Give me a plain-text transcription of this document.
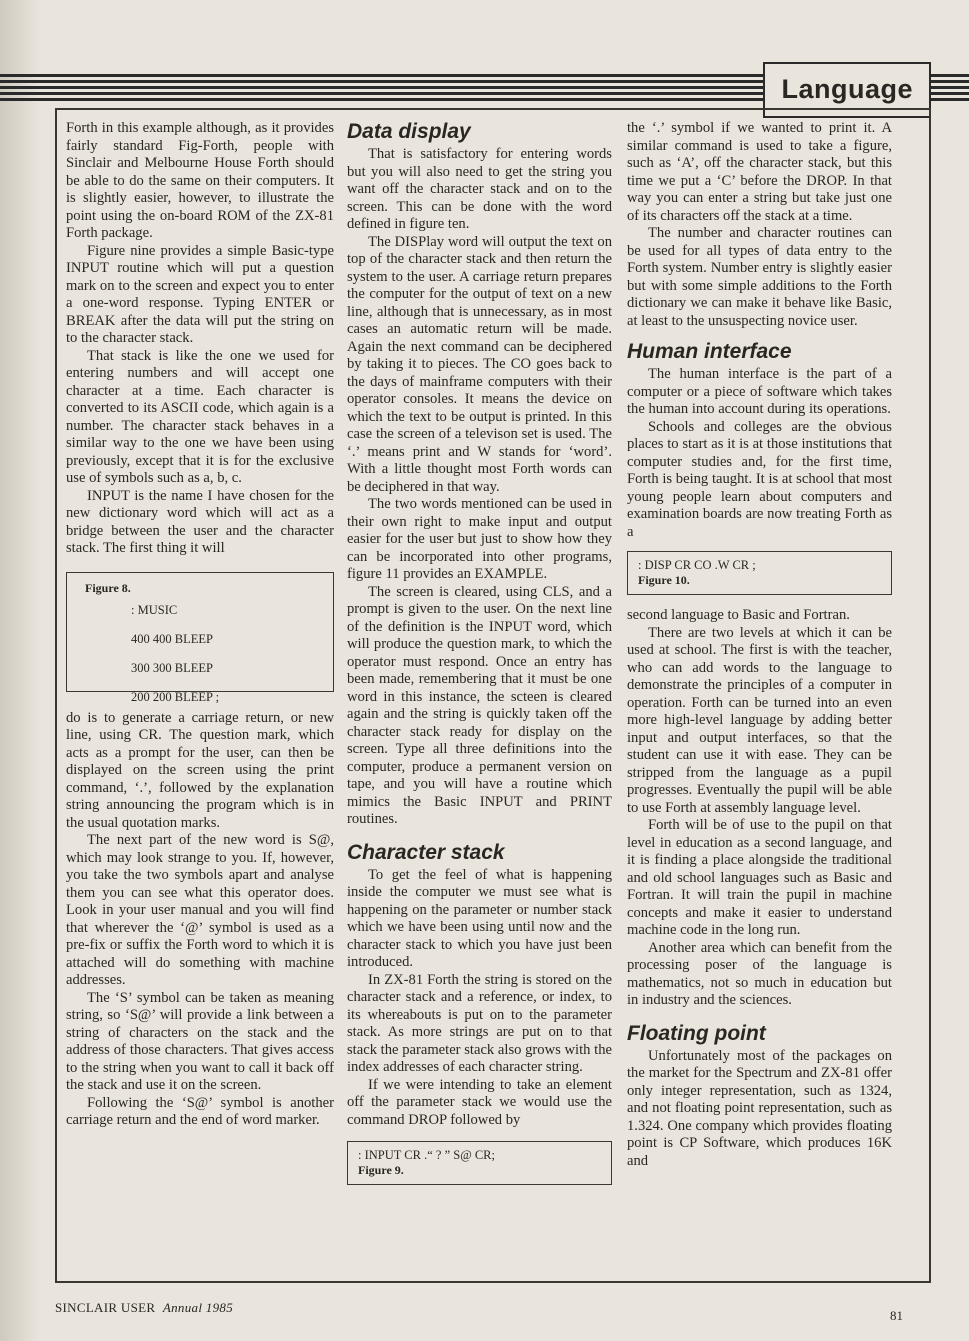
Language

Forth in this example although, as it provides fairly standard Fig-Forth, people with Sinclair and Melbourne House Forth should be able to do the same on their computers. It is slightly easier, however, to illustrate the point using the on-board ROM of the ZX-81 Forth package.

Figure nine provides a simple Basic-type INPUT routine which will put a question mark on to the screen and expect you to enter a one-word response. Typing ENTER or BREAK after the data will put the string on to the character stack.

That stack is like the one we used for entering numbers and will accept one character at a time. Each character is converted to its ASCII code, which again is a number. The character stack behaves in a similar way to the one we have been using previously, except that it is for the exclusive use of symbols such as a, b, c.

INPUT is the name I have chosen for the new dictionary word which will act as a bridge between the user and the character stack. The first thing it will

Figure 8.
: MUSIC
400 400 BLEEP
300 300 BLEEP
200 200 BLEEP ;

do is to generate a carriage return, or new line, using CR. The question mark, which acts as a prompt for the user, can then be displayed on the screen using the print command, ‘.’, followed by the explanation string announcing the program which is in the usual quotation marks.

The next part of the new word is S@, which may look strange to you. If, however, you take the two symbols apart and analyse them you can see what this operator does. Look in your user manual and you will find that wherever the ‘@’ symbol is used as a pre-fix or suffix the Forth word to which it is attached will do something with machine addresses.

The ‘S’ symbol can be taken as meaning string, so ‘S@’ will provide a link between a string of characters on the stack and the address of those characters. That gives access to the string when you want to call it back off the stack and use it on the screen.

Following the ‘S@’ symbol is another carriage return and the end of word marker.

Data display

That is satisfactory for entering words but you will also need to get the string you want off the character stack and on to the screen. This can be done with the word defined in figure ten.

The DISPlay word will output the text on top of the character stack and then return the system to the user. A carriage return prepares the computer for the output of text on a new line, although that is unnecessary, as in most cases an automatic return will be made. Again the next command can be deciphered by taking it to pieces. The CO goes back to the days of mainframe computers with their operator consoles. It means the device on which the text to be output is printed. In this case the screen of a televison set is used. The ‘.’ means print and W stands for ‘word’. With a little thought most Forth words can be deciphered in that way.

The two words mentioned can be used in their own right to make input and output easier for the user but just to show how they can be incorporated into other programs, figure 11 provides an EXAMPLE.

The screen is cleared, using CLS, and a prompt is given to the user. On the next line of the definition is the INPUT word, which will produce the question mark, to which the operator must respond. Once an entry has been made, remembering that it must be one word in this instance, the scteen is cleared again and the string is quickly taken off the character stack ready for display on the screen. Type all three definitions into the computer, produce a permanent version on tape, and you will have a routine which mimics the Basic INPUT and PRINT routines.

Character stack

To get the feel of what is happening inside the computer we must see what is happening on the parameter or number stack which we have been using until now and the character stack to which you have just been introduced.

In ZX-81 Forth the string is stored on the character stack and a reference, or index, to its whereabouts is put on to the parameter stack. As more strings are put on to that stack the parameter stack also grows with the index addresses of each character string.

If we were intending to take an element off the parameter stack we would use the command DROP followed by

: INPUT CR .“ ? ” S@ CR;
Figure 9.

the ‘.’ symbol if we wanted to print it. A similar command is used to take a figure, such as ‘A’, off the character stack, but this time we put a ‘C’ before the DROP. In that way you can enter a string but take just one of its characters off the stack at a time.

The number and character routines can be used for all types of data entry to the Forth system. Number entry is slightly easier but with some simple additions to the Forth dictionary we can make it behave like Basic, at least to the unsuspecting novice user.

Human interface

The human interface is the part of a computer or a piece of software which takes the human into account during its operations.

Schools and colleges are the obvious places to start as it is at those institutions that computer studies and, for the first time, Forth is being taught. It is at school that most young people learn about computers and examination boards are now treating Forth as a

: DISP CR CO .W CR ;
Figure 10.

second language to Basic and Fortran.

There are two levels at which it can be used at school. The first is with the teacher, who can add words to the language to demonstrate the principles of a computer in operation. Forth can be turned into an even more high-level language by adding better input and output interfaces, so that the student can use it with ease. They can be stripped from the language as a pupil progresses. Eventually the pupil will be able to use Forth at assembly language level.

Forth will be of use to the pupil on that level in education as a second language, and it is finding a place alongside the traditional and old school languages such as Basic and Fortran. It will train the pupil in machine concepts and make it easier to understand machine code in the long run.

Another area which can benefit from the processing poser of the language is mathematics, not so much in education but in industry and the sciences.

Floating point

Unfortunately most of the packages on the market for the Spectrum and ZX-81 offer only integer representation, such as 1324, and not floating point representation, such as 1.324. One company which provides floating point is CP Software, which produces 16K and

SINCLAIR USER Annual 1985
81
